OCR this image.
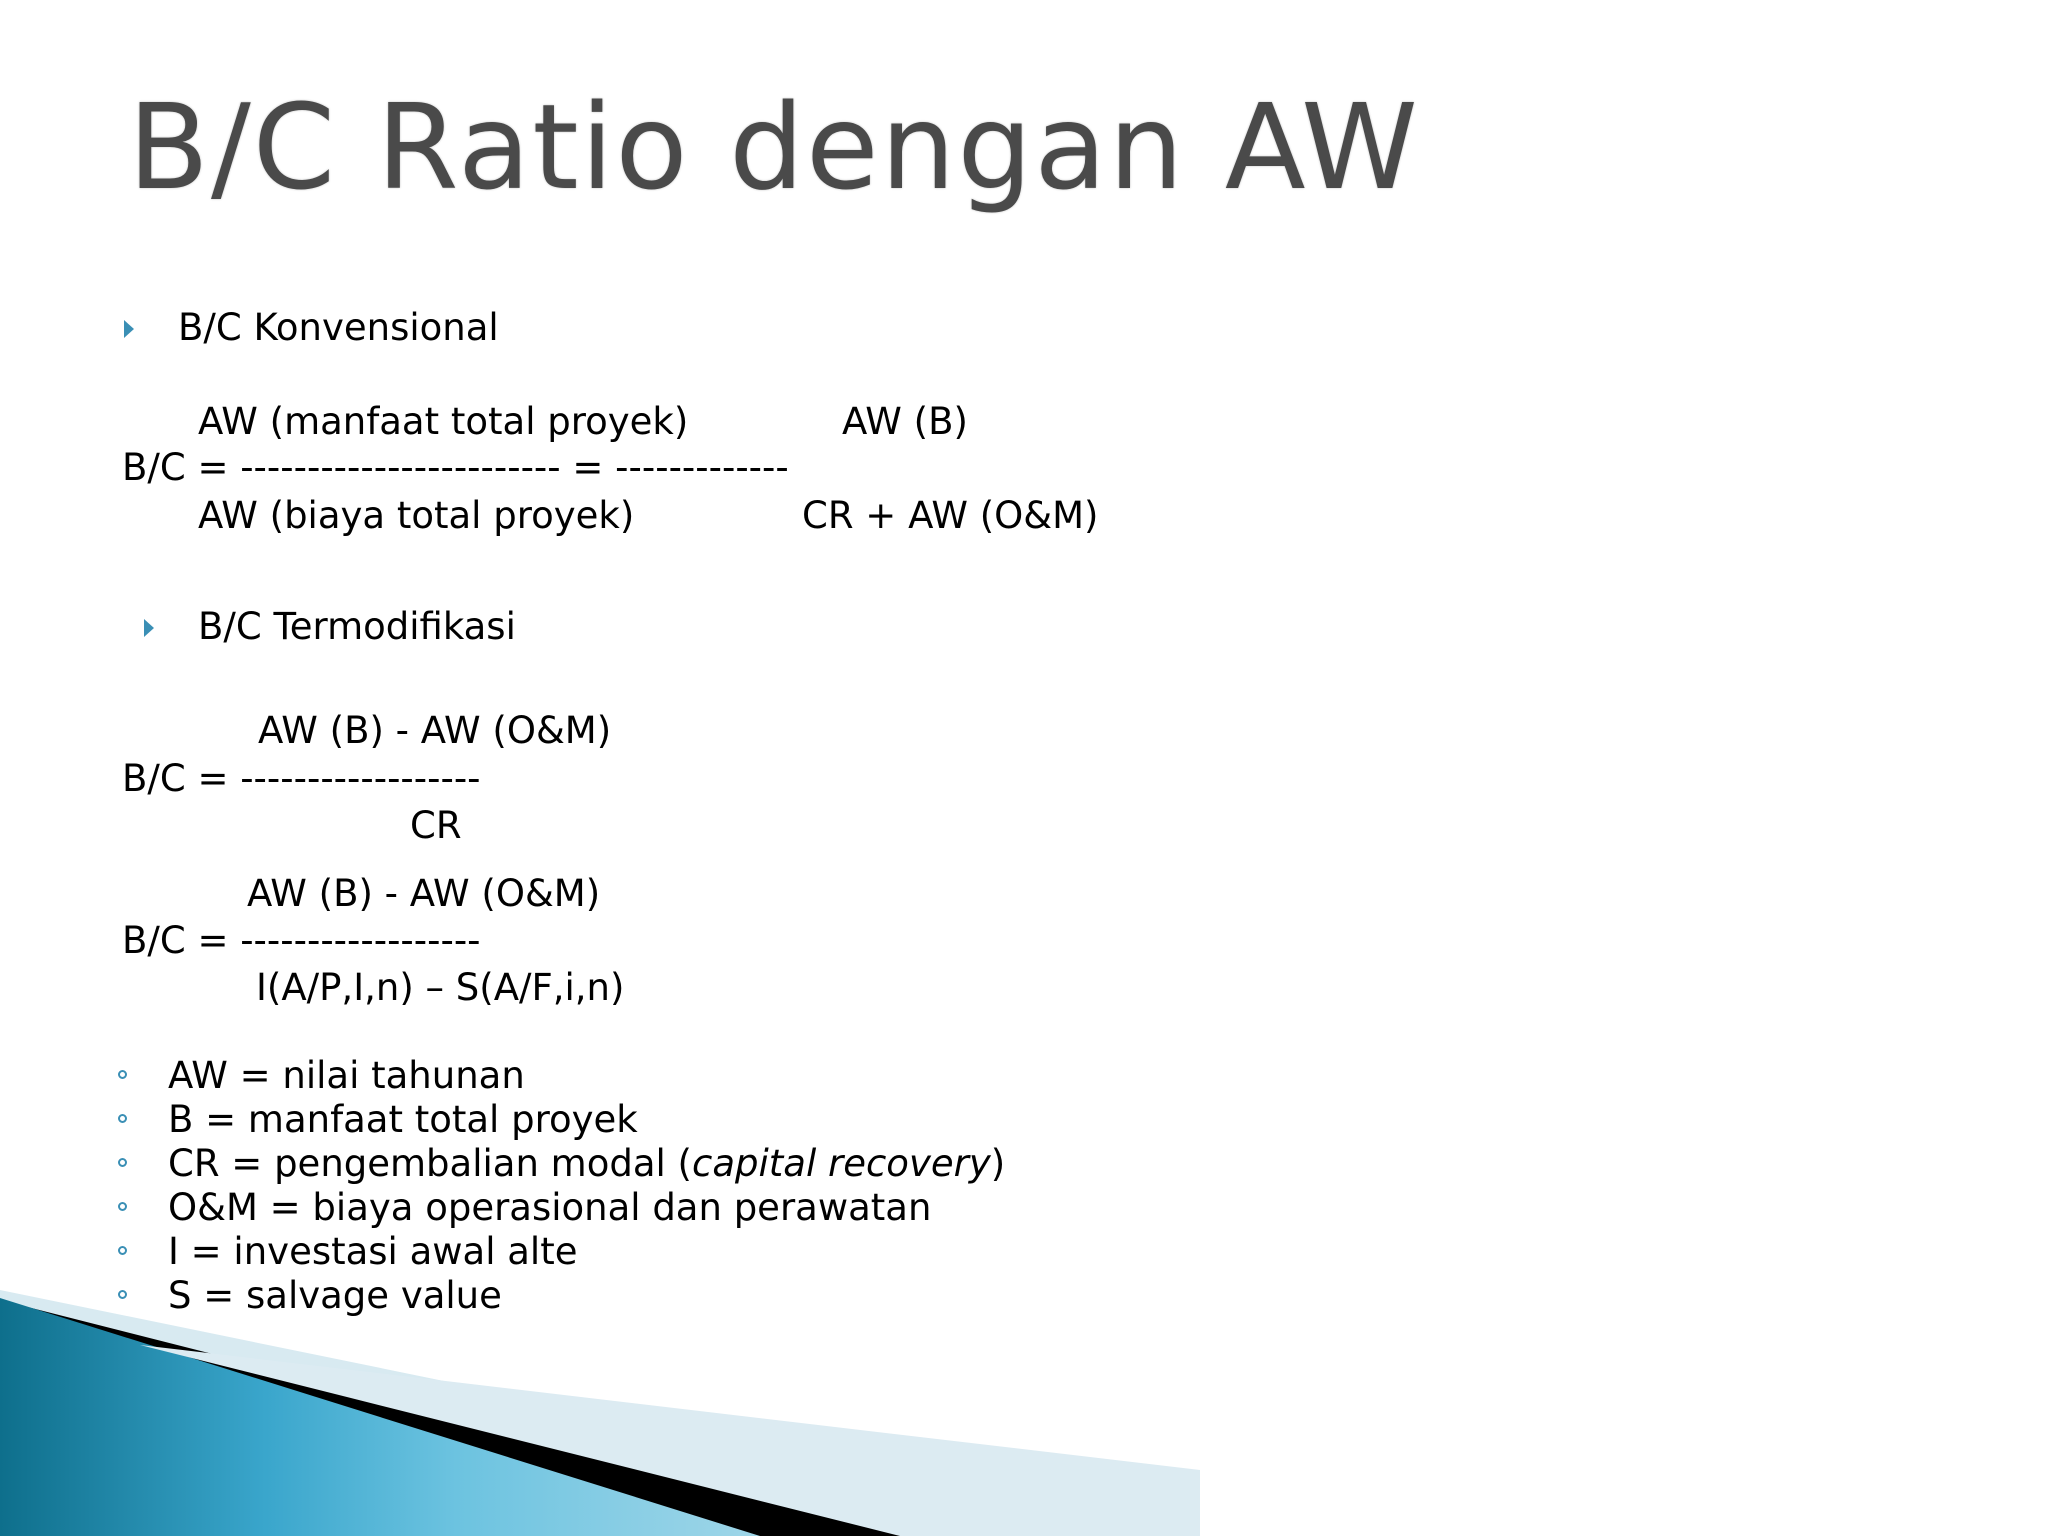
B/C Ratio dengan AW
B/C Konvensional
AW (manfaat total proyek)	AW (B)
B/C = ------------------------ = -------------
AW (biaya total proyek)	CR + AW (O&M)
B/C Termodifikasi
AW (B) - AW (O&M)
B/C = ------------------
CR
AW (B) - AW (O&M)
B/C = ------------------
I(A/P,I,n) – S(A/F,i,n)
AW = nilai tahunan
B = manfaat total proyek
CR = pengembalian modal (capital recovery)
O&M = biaya operasional dan perawatan
I = investasi awal alte
S = salvage value
